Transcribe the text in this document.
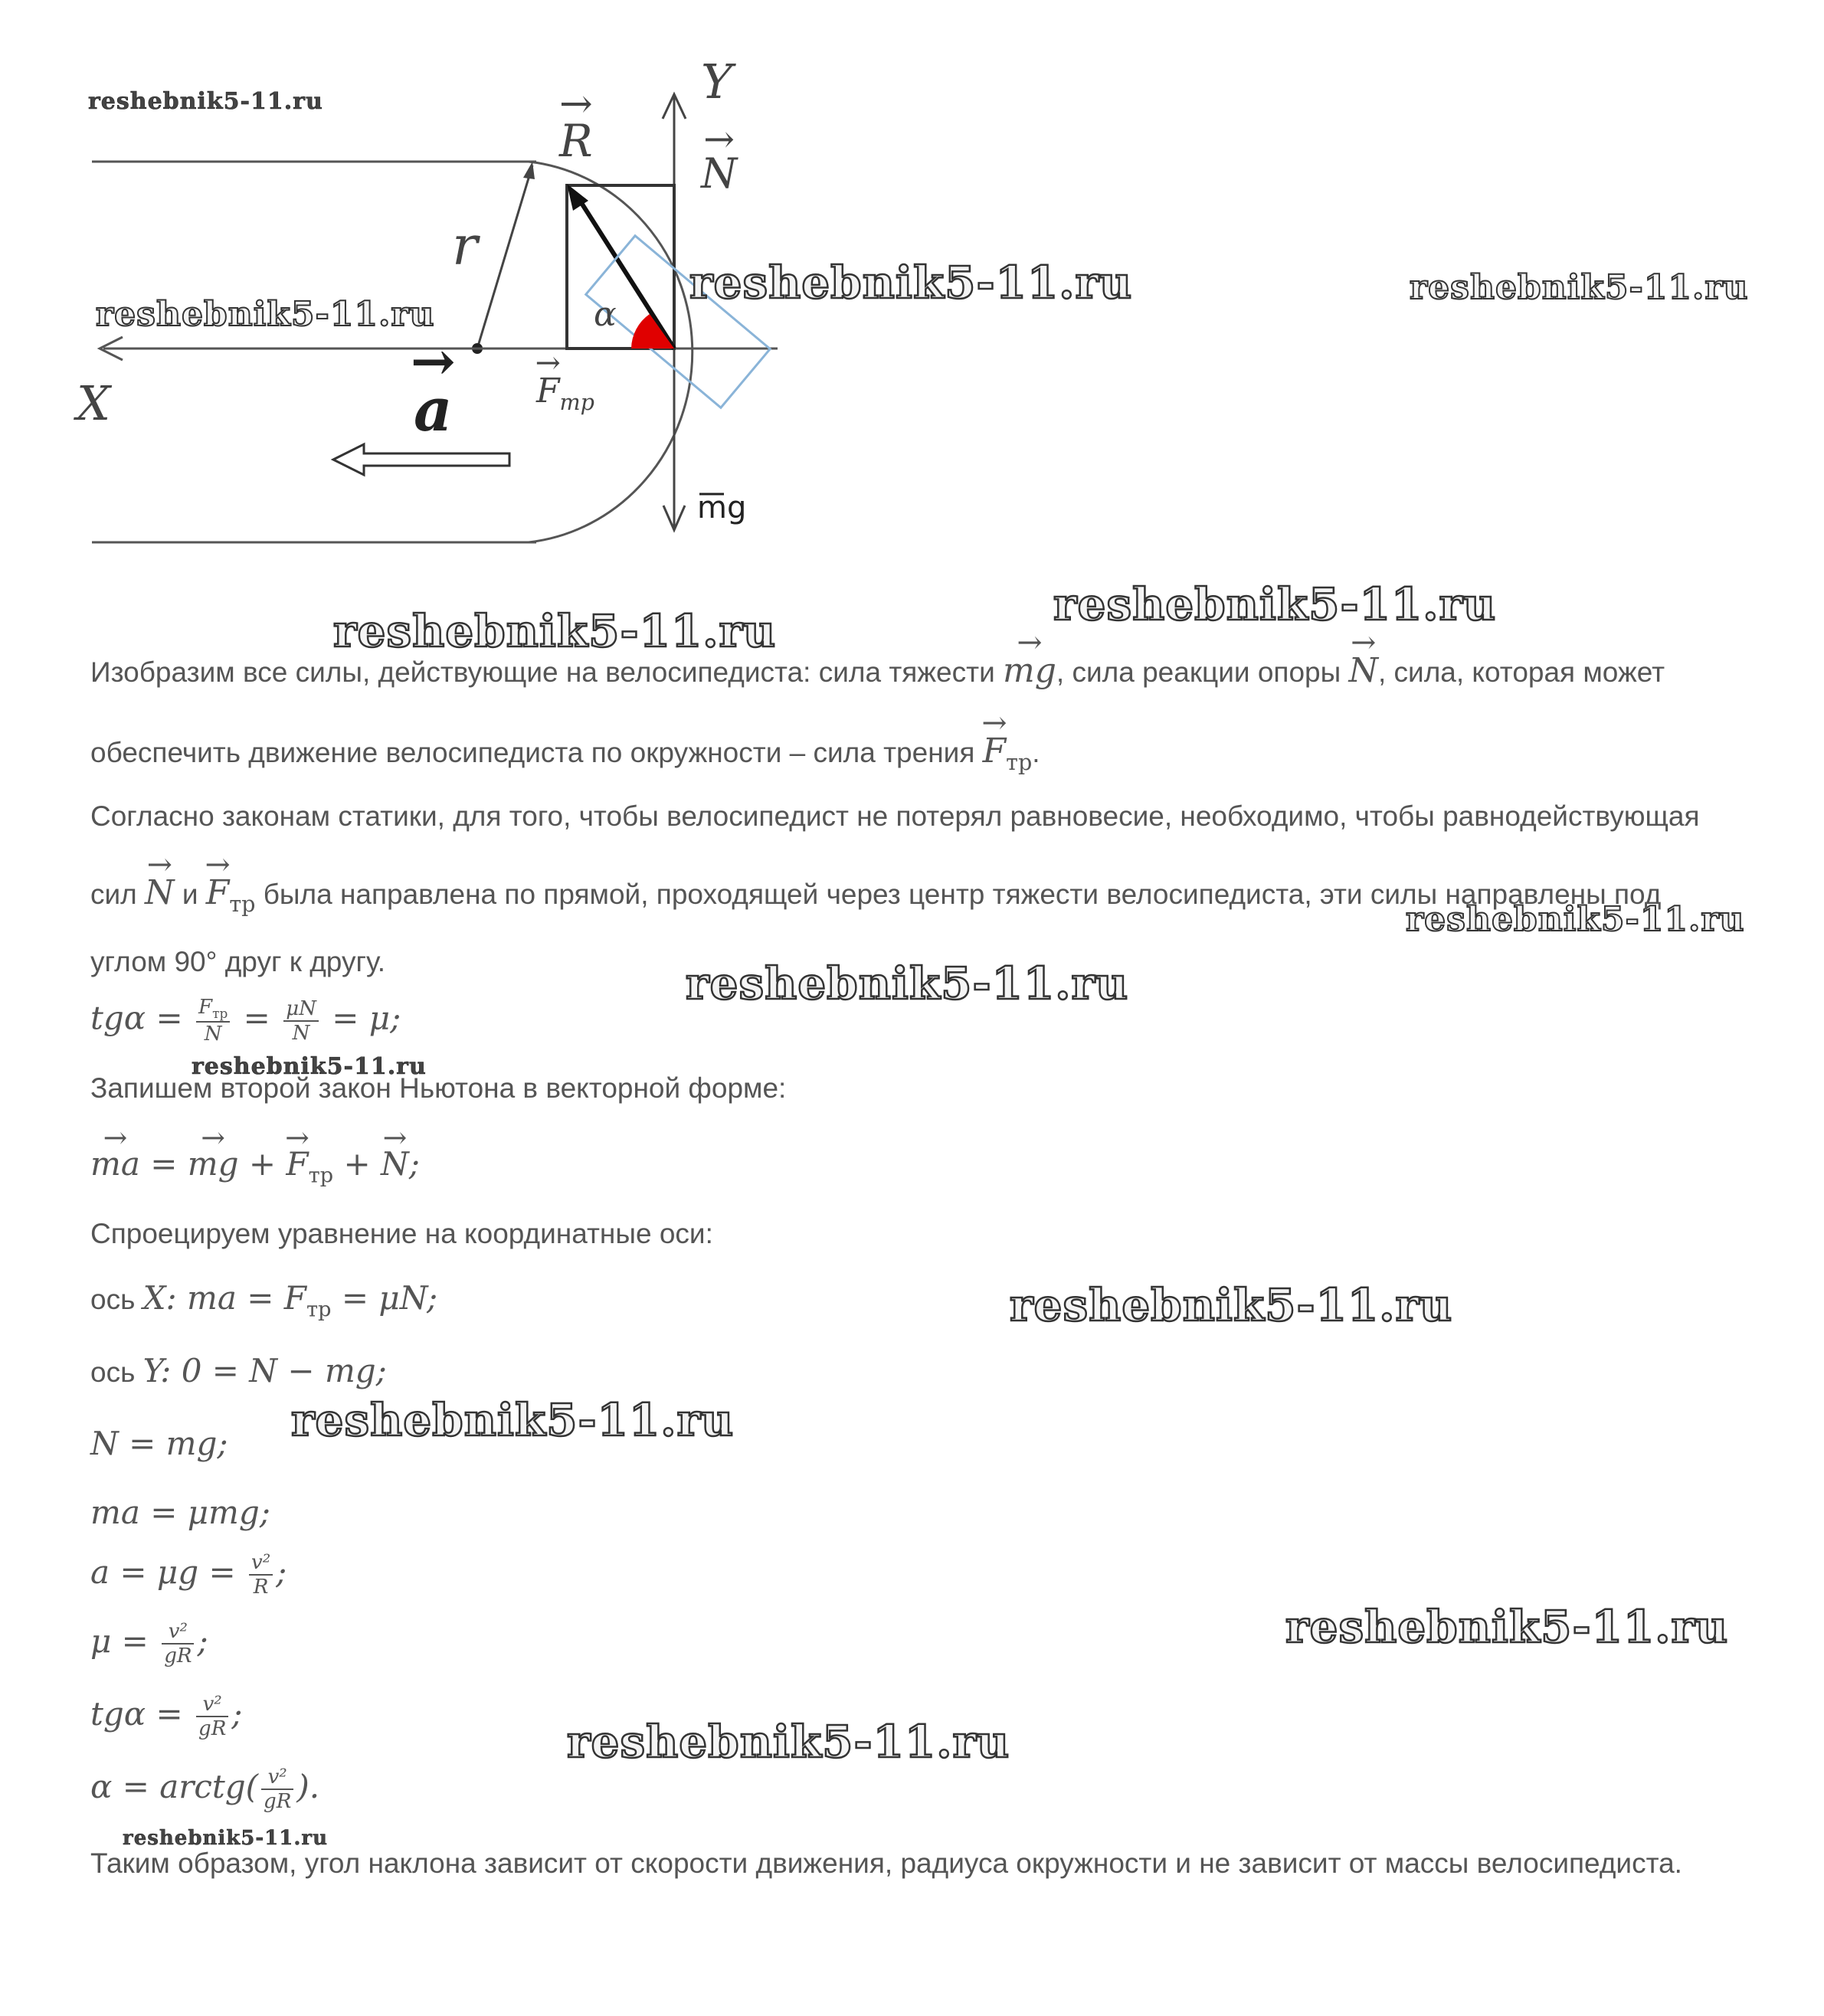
Y
X
→ R
→ N
r
α
→ $F_{тр}$
→ a
mg
reshebnik5-11.ru
reshebnik5-11.ru	reshebnik5-11.ru
reshebnik5-11.ru
reshebnik5-11.ru
reshebnik5-11.ru
reshebnik5-11.ru
reshebnik5-11.ru
reshebnik5-11.ru
reshebnik5-11.ru
reshebnik5-11.ru
reshebnik5-11.ru
reshebnik5-11.ru
reshebnik5-11.ru
Изобразим все силы, действующие на велосипедиста: сила тяжести → mg, сила реакции опоры → N, сила, которая может
обеспечить движение велосипедиста по окружности – сила трения → $F_{тр}$.
Согласно законам статики, для того, чтобы велосипедист не потерял равновесие, необходимо, чтобы равнодействующая
сил → N $и \to F_{тр}$ была направлена по прямой, проходящей через центр тяжести велосипедиста, эти силы направлены под
углом 90° друг к другу.
$tg\alpha = \frac{F_{тр}}{N} = \frac{\mu N}{N} = \mu$;
Запишем второй закон Ньютона в векторной форме:
→ ma = → mg + → $F_{тр}$ + → N;
Спроецируем уравнение на координатные оси:
ось X: ma = $F_{тр} = \mu N$;
ось Y: 0 = N − mg;
N = mg;
ma = μmg;
$a = \mu g = \frac{\text{v²}}{R}$ ;
$\mu = \frac{\text{v²}}{gR}$ ;
$tg\alpha = \frac{\text{v²}}{gR}$ ;
α = arctg( $\frac{\text{v²}}{gR}$ ).
Таким образом, угол наклона зависит от скорости движения, радиуса окружности и не зависит от массы велосипедиста.
